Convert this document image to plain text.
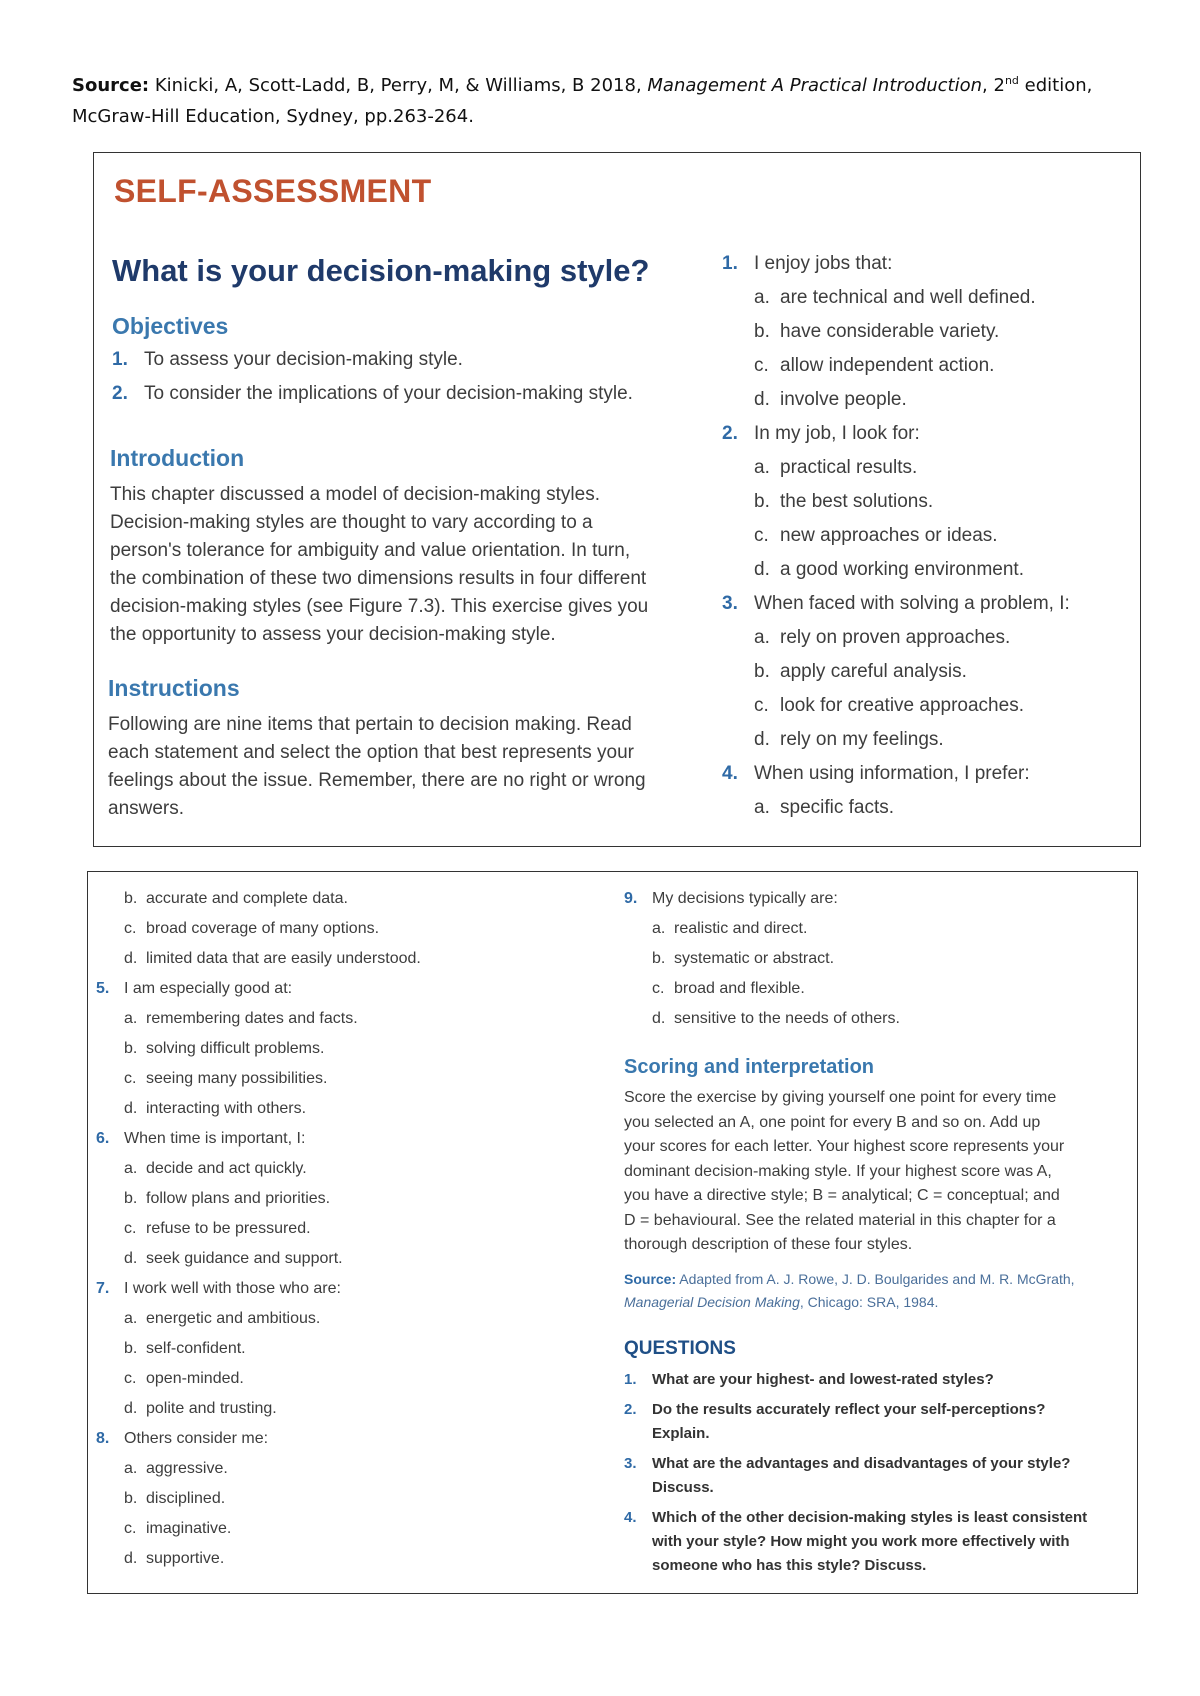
Source: Kinicki, A, Scott-Ladd, B, Perry, M, & Williams, B 2018, Management A Practical Introduction, 2nd edition,
McGraw-Hill Education, Sydney, pp.263-264.
SELF-ASSESSMENT
What is your decision-making style?
Objectives
1. To assess your decision-making style.
2. To consider the implications of your decision-making style.
Introduction
This chapter discussed a model of decision-making styles.
Decision-making styles are thought to vary according to a
person's tolerance for ambiguity and value orientation. In turn,
the combination of these two dimensions results in four different
decision-making styles (see Figure 7.3). This exercise gives you
the opportunity to assess your decision-making style.
Instructions
Following are nine items that pertain to decision making. Read
each statement and select the option that best represents your
feelings about the issue. Remember, there are no right or wrong
answers.
1. I enjoy jobs that:
a. are technical and well defined.
b. have considerable variety.
c. allow independent action.
d. involve people.
2. In my job, I look for:
a. practical results.
b. the best solutions.
c. new approaches or ideas.
d. a good working environment.
3. When faced with solving a problem, I:
a. rely on proven approaches.
b. apply careful analysis.
c. look for creative approaches.
d. rely on my feelings.
4. When using information, I prefer:
a. specific facts.
b. accurate and complete data.
c. broad coverage of many options.
d. limited data that are easily understood.
5. I am especially good at:
a. remembering dates and facts.
b. solving difficult problems.
c. seeing many possibilities.
d. interacting with others.
6. When time is important, I:
a. decide and act quickly.
b. follow plans and priorities.
c. refuse to be pressured.
d. seek guidance and support.
7. I work well with those who are:
a. energetic and ambitious.
b. self-confident.
c. open-minded.
d. polite and trusting.
8. Others consider me:
a. aggressive.
b. disciplined.
c. imaginative.
d. supportive.
9. My decisions typically are:
a. realistic and direct.
b. systematic or abstract.
c. broad and flexible.
d. sensitive to the needs of others.
Scoring and interpretation
Score the exercise by giving yourself one point for every time
you selected an A, one point for every B and so on. Add up
your scores for each letter. Your highest score represents your
dominant decision-making style. If your highest score was A,
you have a directive style; B = analytical; C = conceptual; and
D = behavioural. See the related material in this chapter for a
thorough description of these four styles.
Source: Adapted from A. J. Rowe, J. D. Boulgarides and M. R. McGrath,
Managerial Decision Making, Chicago: SRA, 1984.
QUESTIONS
1. What are your highest- and lowest-rated styles?
2. Do the results accurately reflect your self-perceptions?
Explain.
3. What are the advantages and disadvantages of your style?
Discuss.
4. Which of the other decision-making styles is least consistent
with your style? How might you work more effectively with
someone who has this style? Discuss.
